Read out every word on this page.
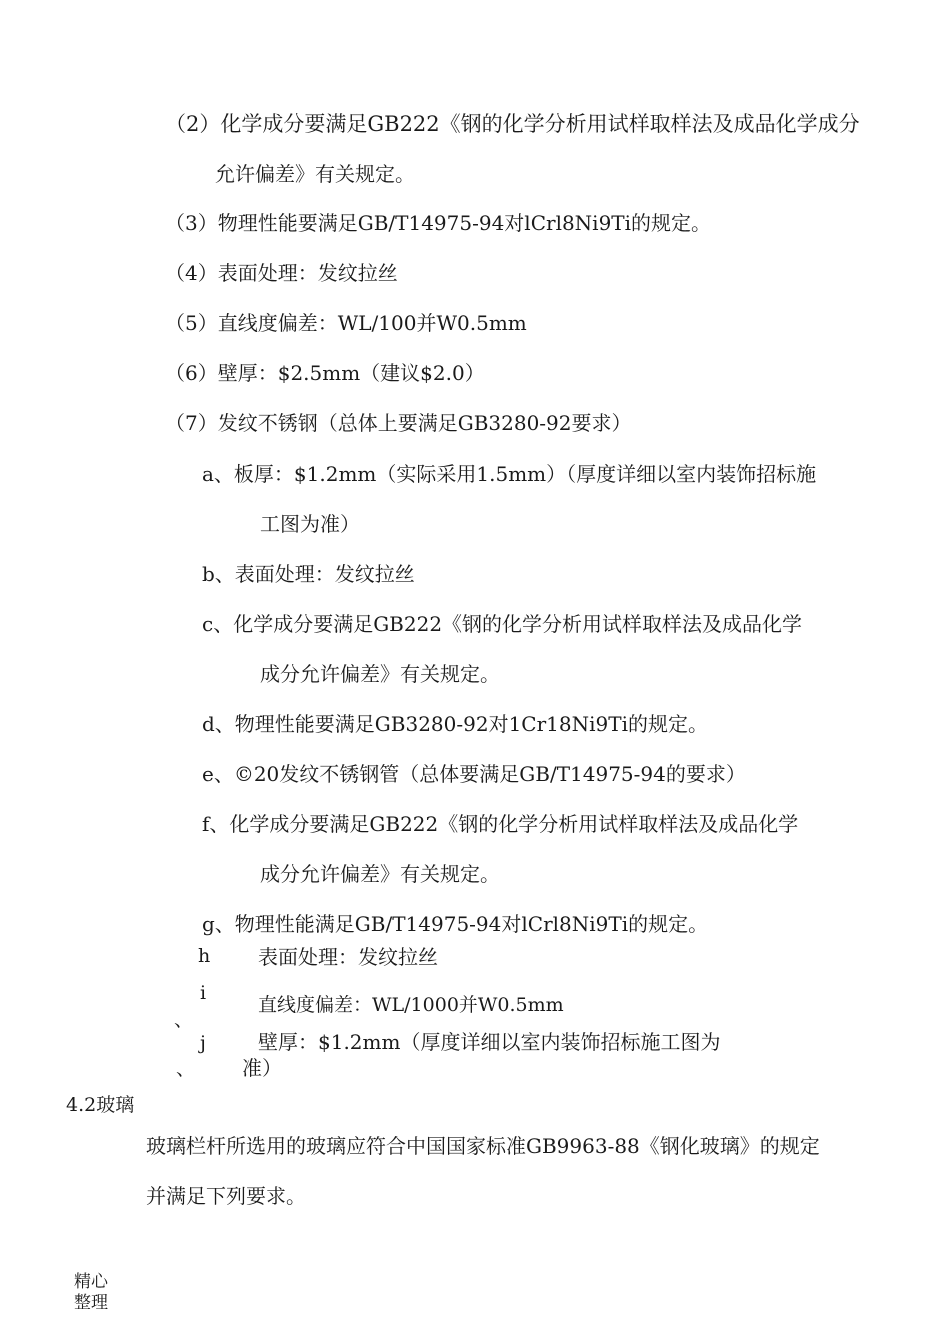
（2）化学成分要满足GB222《钢的化学分析用试样取样法及成品化学成分
允许偏差》有关规定。
（3）物理性能要满足GB/T14975-94对lCrl8Ni9Ti的规定。
（4）表面处理：发纹拉丝
（5）直线度偏差：WL/100并W0.5mm
（6）壁厚：$2.5mm（建议$2.0）
（7）发纹不锈钢（总体上要满足GB3280-92要求）
a、板厚：$1.2mm（实际采用1.5mm）（厚度详细以室内装饰招标施
工图为准）
b、表面处理：发纹拉丝
c、化学成分要满足GB222《钢的化学分析用试样取样法及成品化学
成分允许偏差》有关规定。
d、物理性能要满足GB3280-92对1Cr18Ni9Ti的规定。
e、©20发纹不锈钢管（总体要满足GB/T14975-94的要求）
f、化学成分要满足GB222《钢的化学分析用试样取样法及成品化学
成分允许偏差》有关规定。
g、物理性能满足GB/T14975-94对lCrl8Ni9Ti的规定。
h 表面处理：发纹拉丝
i
直线度偏差：WL/1000并W0.5mm
、
j	壁厚：$1.2mm（厚度详细以室内装饰招标施工图为
、 准）
4.2玻璃
玻璃栏杆所选用的玻璃应符合中国国家标准GB9963-88《钢化玻璃》的规定
并满足下列要求。
精心
整理
